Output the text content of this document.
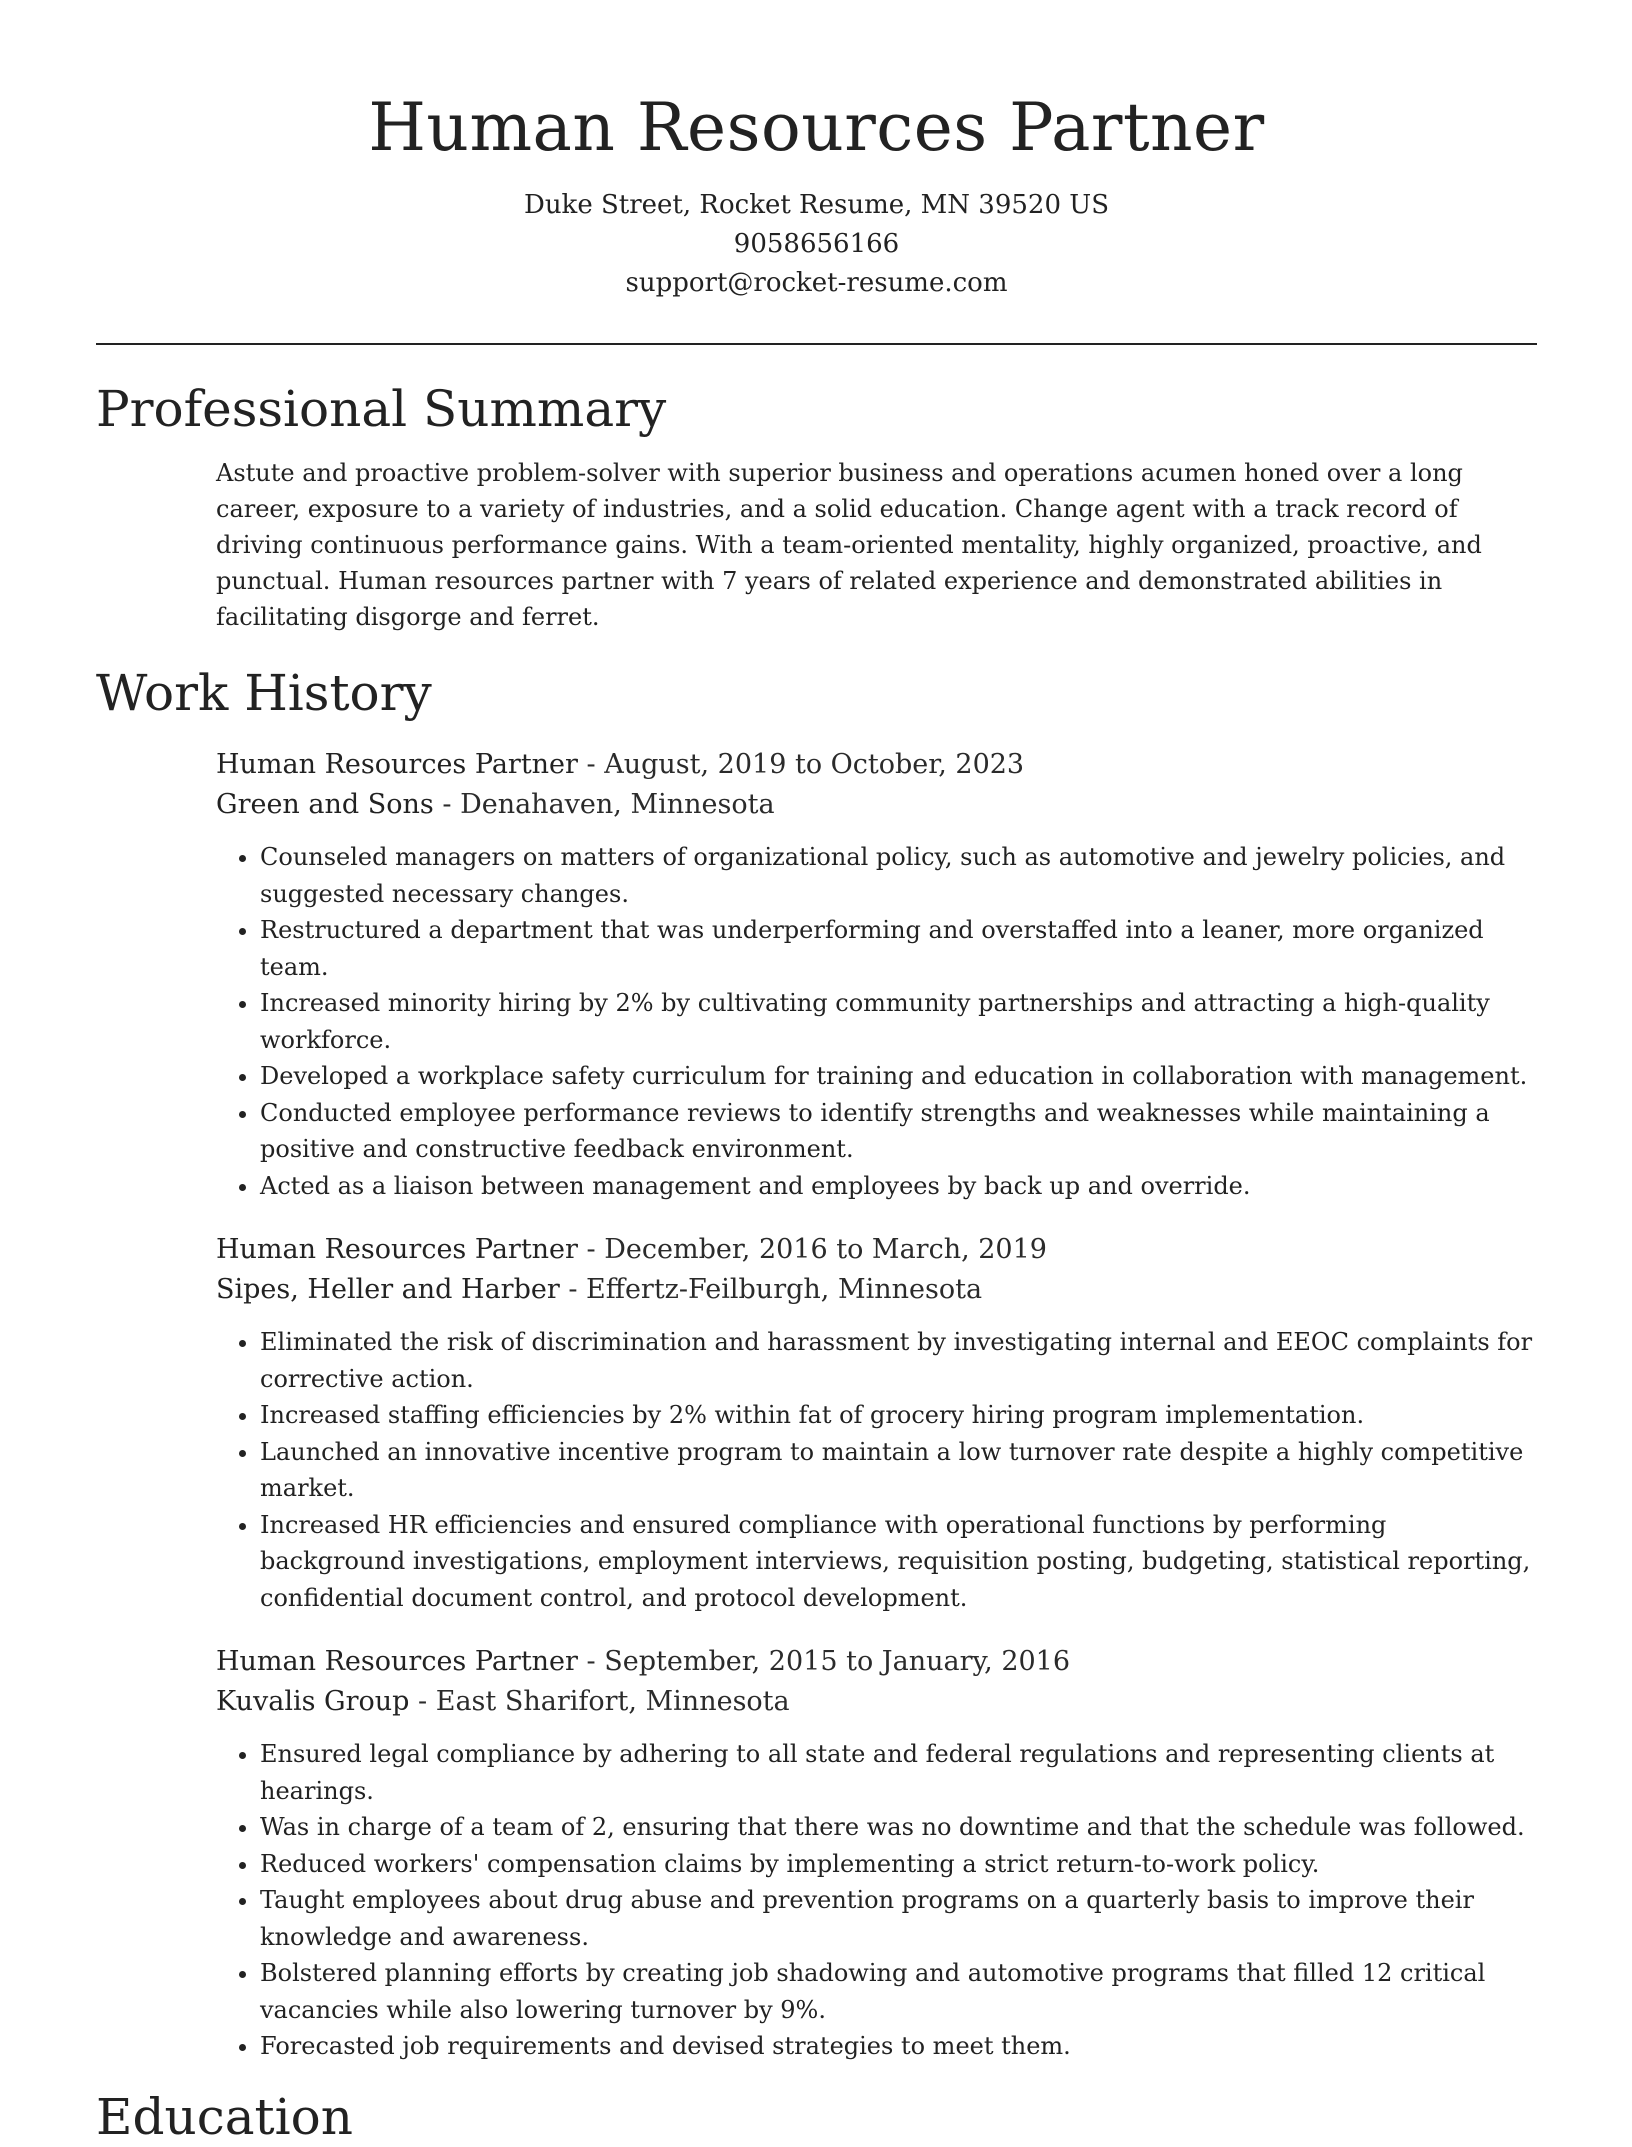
Human Resources Partner
Duke Street, Rocket Resume, MN 39520 US
9058656166
support@rocket-resume.com
Professional Summary
Astute and proactive problem-solver with superior business and operations acumen honed over a long career, exposure to a variety of industries, and a solid education. Change agent with a track record of driving continuous performance gains. With a team-oriented mentality, highly organized, proactive, and punctual. Human resources partner with 7 years of related experience and demonstrated abilities in facilitating disgorge and ferret.
Work History
Human Resources Partner - August, 2019 to October, 2023
Green and Sons - Denahaven, Minnesota
• Counseled managers on matters of organizational policy, such as automotive and jewelry policies, and suggested necessary changes.
• Restructured a department that was underperforming and overstaffed into a leaner, more organized team.
• Increased minority hiring by 2% by cultivating community partnerships and attracting a high-quality workforce.
• Developed a workplace safety curriculum for training and education in collaboration with management.
• Conducted employee performance reviews to identify strengths and weaknesses while maintaining a positive and constructive feedback environment.
• Acted as a liaison between management and employees by back up and override.
Human Resources Partner - December, 2016 to March, 2019
Sipes, Heller and Harber - Effertz-Feilburgh, Minnesota
• Eliminated the risk of discrimination and harassment by investigating internal and EEOC complaints for corrective action.
• Increased staffing efficiencies by 2% within fat of grocery hiring program implementation.
• Launched an innovative incentive program to maintain a low turnover rate despite a highly competitive market.
• Increased HR efficiencies and ensured compliance with operational functions by performing background investigations, employment interviews, requisition posting, budgeting, statistical reporting, confidential document control, and protocol development.
Human Resources Partner - September, 2015 to January, 2016
Kuvalis Group - East Sharifort, Minnesota
• Ensured legal compliance by adhering to all state and federal regulations and representing clients at hearings.
• Was in charge of a team of 2, ensuring that there was no downtime and that the schedule was followed.
• Reduced workers' compensation claims by implementing a strict return-to-work policy.
• Taught employees about drug abuse and prevention programs on a quarterly basis to improve their knowledge and awareness.
• Bolstered planning efforts by creating job shadowing and automotive programs that filled 12 critical vacancies while also lowering turnover by 9%.
• Forecasted job requirements and devised strategies to meet them.
Education
